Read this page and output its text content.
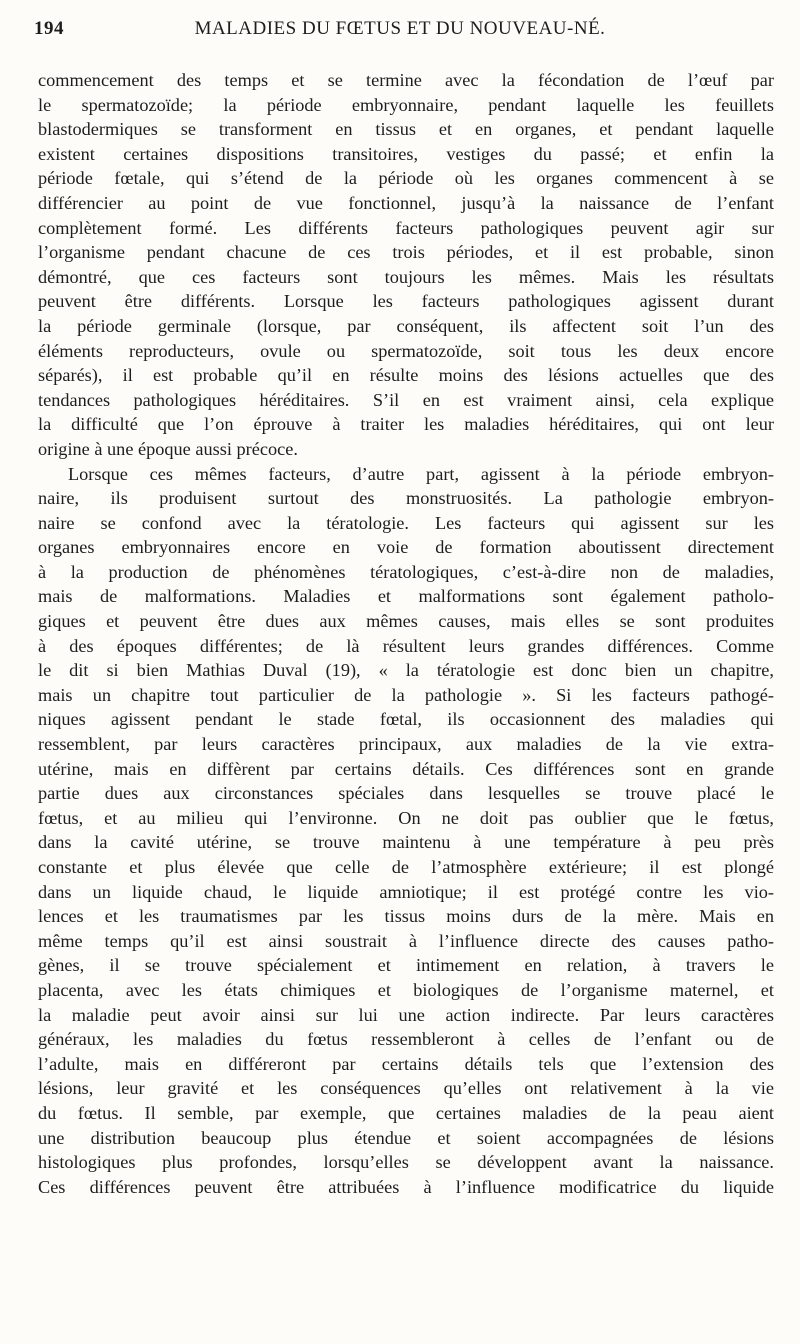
194	MALADIES DU FŒTUS ET DU NOUVEAU-NÉ.
commencement des temps et se termine avec la fécondation de l’œuf par
le spermatozoïde; la période embryonnaire, pendant laquelle les feuillets
blastodermiques se transforment en tissus et en organes, et pendant laquelle
existent certaines dispositions transitoires, vestiges du passé; et enfin la
période fœtale, qui s’étend de la période où les organes commencent à se
différencier au point de vue fonctionnel, jusqu’à la naissance de l’enfant
complètement formé. Les différents facteurs pathologiques peuvent agir sur
l’organisme pendant chacune de ces trois périodes, et il est probable, sinon
démontré, que ces facteurs sont toujours les mêmes. Mais les résultats
peuvent être différents. Lorsque les facteurs pathologiques agissent durant
la période germinale (lorsque, par conséquent, ils affectent soit l’un des
éléments reproducteurs, ovule ou spermatozoïde, soit tous les deux encore
séparés), il est probable qu’il en résulte moins des lésions actuelles que des
tendances pathologiques héréditaires. S’il en est vraiment ainsi, cela explique
la difficulté que l’on éprouve à traiter les maladies héréditaires, qui ont leur
origine à une époque aussi précoce.
Lorsque ces mêmes facteurs, d’autre part, agissent à la période embryon-
naire, ils produisent surtout des monstruosités. La pathologie embryon-
naire se confond avec la tératologie. Les facteurs qui agissent sur les
organes embryonnaires encore en voie de formation aboutissent directement
à la production de phénomènes tératologiques, c’est-à-dire non de maladies,
mais de malformations. Maladies et malformations sont également patholo-
giques et peuvent être dues aux mêmes causes, mais elles se sont produites
à des époques différentes; de là résultent leurs grandes différences. Comme
le dit si bien Mathias Duval (19), « la tératologie est donc bien un chapitre,
mais un chapitre tout particulier de la pathologie ». Si les facteurs pathogé-
niques agissent pendant le stade fœtal, ils occasionnent des maladies qui
ressemblent, par leurs caractères principaux, aux maladies de la vie extra-
utérine, mais en diffèrent par certains détails. Ces différences sont en grande
partie dues aux circonstances spéciales dans lesquelles se trouve placé le
fœtus, et au milieu qui l’environne. On ne doit pas oublier que le fœtus,
dans la cavité utérine, se trouve maintenu à une température à peu près
constante et plus élevée que celle de l’atmosphère extérieure; il est plongé
dans un liquide chaud, le liquide amniotique; il est protégé contre les vio-
lences et les traumatismes par les tissus moins durs de la mère. Mais en
même temps qu’il est ainsi soustrait à l’influence directe des causes patho-
gènes, il se trouve spécialement et intimement en relation, à travers le
placenta, avec les états chimiques et biologiques de l’organisme maternel, et
la maladie peut avoir ainsi sur lui une action indirecte. Par leurs caractères
généraux, les maladies du fœtus ressembleront à celles de l’enfant ou de
l’adulte, mais en différeront par certains détails tels que l’extension des
lésions, leur gravité et les conséquences qu’elles ont relativement à la vie
du fœtus. Il semble, par exemple, que certaines maladies de la peau aient
une distribution beaucoup plus étendue et soient accompagnées de lésions
histologiques plus profondes, lorsqu’elles se développent avant la naissance.
Ces différences peuvent être attribuées à l’influence modificatrice du liquide
